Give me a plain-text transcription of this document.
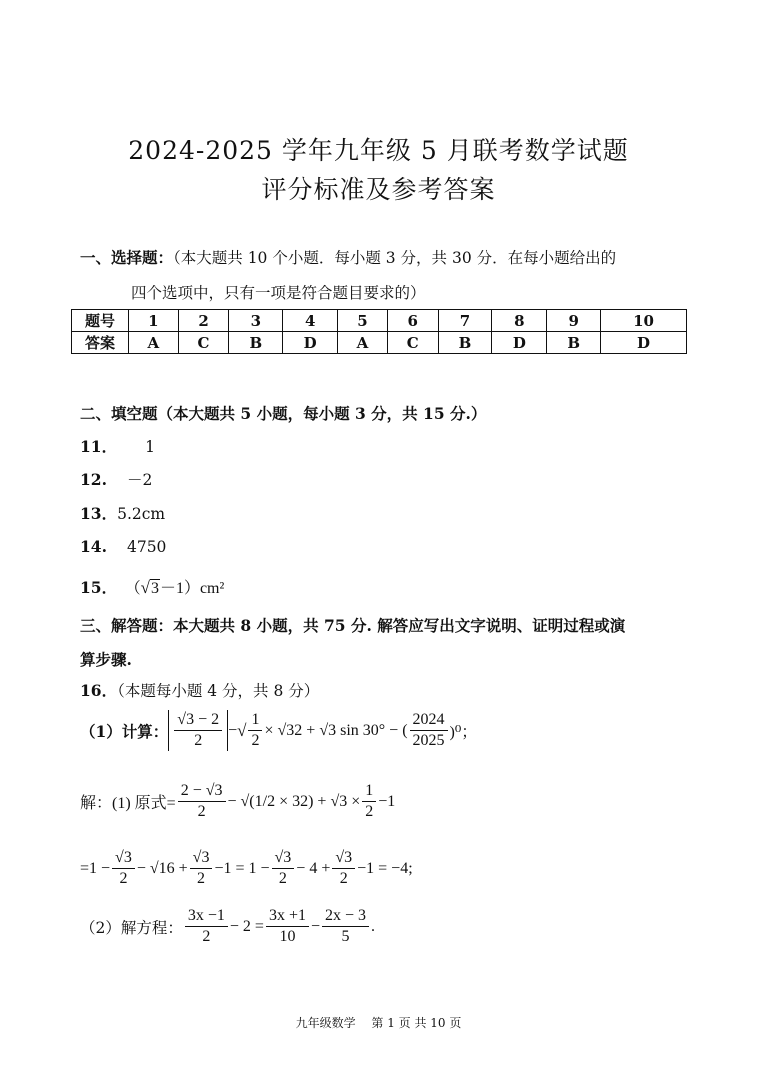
2024-2025 学年九年级 5 月联考数学试题
评分标准及参考答案
一、选择题：（本大题共 10 个小题．每小题 3 分，共 30 分．在每小题给出的
四个选项中，只有一项是符合题目要求的）
题号	1	2	3	4	5	6	7	8	9	10
答案	A	C	B	D	A	C	B	D	B	D
二、填空题（本大题共 5 小题，每小题 3 分，共 15 分.）
11． 1
12. －2
13．5.2cm
14. 4750
15． （√3－1）cm²
三、解答题：本大题共 8 小题，共 75 分. 解答应写出文字说明、证明过程或演
算步骤.
16．（本题每小题 4 分，共 8 分）
（1）计算： $\frac{√3 - 2}{2}$ − √ $\frac{1}{2} \times √32 + √3$ sin 30° − ( $\frac{2024}{2025} )^0$；
解：(1) 原式= $\frac{2 - √3}{2} - √(1/2 \times 32) + √3 \times \frac{1}{2} -1$
$=1 - \frac{√3}{2} - √16 + \frac{√3}{2} -1 = 1 - \frac{√3}{2} - 4 + \frac{√3}{2} -1 = -4$;
（2）解方程： $\frac{3x -1}{2} - 2 = \frac{3x +1}{10} - \frac{2x - 3}{5}$ .
九年级数学　 第 1 页 共 10 页
